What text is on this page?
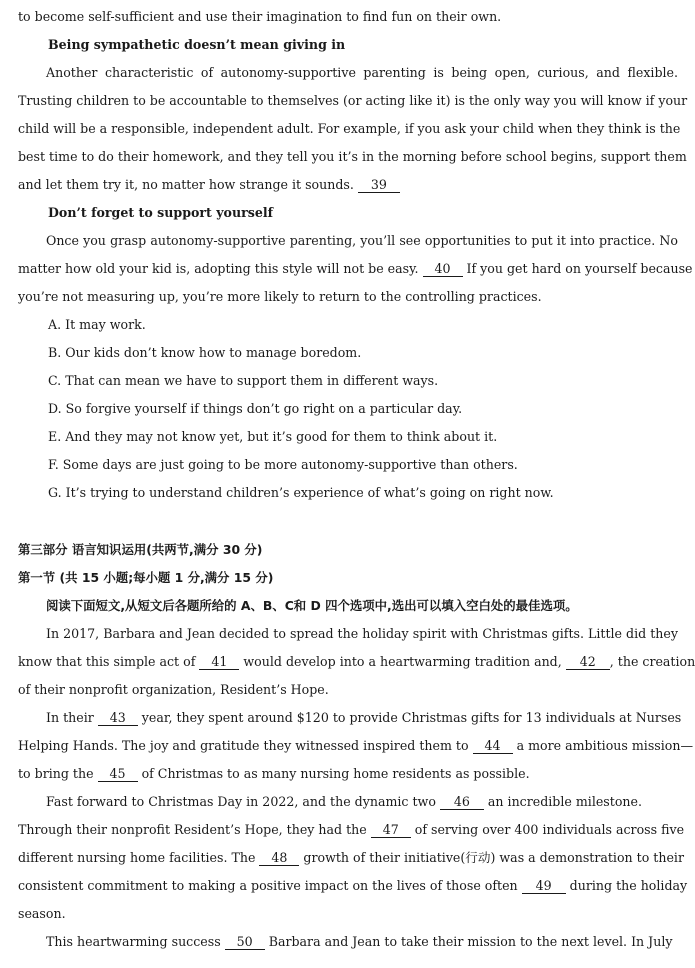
to become self-sufficient and use their imagination to find fun on their own.
Being sympathetic doesn’t mean giving in
Another characteristic of autonomy-supportive parenting is being open, curious, and flexible.
Trusting children to be accountable to themselves (or acting like it) is the only way you will know if your
child will be a responsible, independent adult. For example, if you ask your child when they think is the
best time to do their homework, and they tell you it’s in the morning before school begins, support them
and let them try it, no matter how strange it sounds. 39
Don’t forget to support yourself
Once you grasp autonomy-supportive parenting, you’ll see opportunities to put it into practice. No
matter how old your kid is, adopting this style will not be easy. 40 If you get hard on yourself because
you’re not measuring up, you’re more likely to return to the controlling practices.
A. It may work.
B. Our kids don’t know how to manage boredom.
C. That can mean we have to support them in different ways.
D. So forgive yourself if things don’t go right on a particular day.
E. And they may not know yet, but it’s good for them to think about it.
F. Some days are just going to be more autonomy-supportive than others.
G. It’s trying to understand children’s experience of what’s going on right now.
第三部分 语言知识运用(共两节,满分 30 分)
第一节 (共 15 小题;每小题 1 分,满分 15 分)
阅读下面短文,从短文后各题所给的 A、B、C和 D 四个选项中,选出可以填入空白处的最佳选项。
In 2017, Barbara and Jean decided to spread the holiday spirit with Christmas gifts. Little did they
know that this simple act of 41 would develop into a heartwarming tradition and, 42 , the creation
of their nonprofit organization, Resident’s Hope.
In their 43 year, they spent around $120 to provide Christmas gifts for 13 individuals at Nurses
Helping Hands. The joy and gratitude they witnessed inspired them to 44 a more ambitious mission—
to bring the 45 of Christmas to as many nursing home residents as possible.
Fast forward to Christmas Day in 2022, and the dynamic two 46 an incredible milestone.
Through their nonprofit Resident’s Hope, they had the 47 of serving over 400 individuals across five
different nursing home facilities. The 48 growth of their initiative(行动) was a demonstration to their
consistent commitment to making a positive impact on the lives of those often 49 during the holiday
season.
This heartwarming success 50 Barbara and Jean to take their mission to the next level. In July
